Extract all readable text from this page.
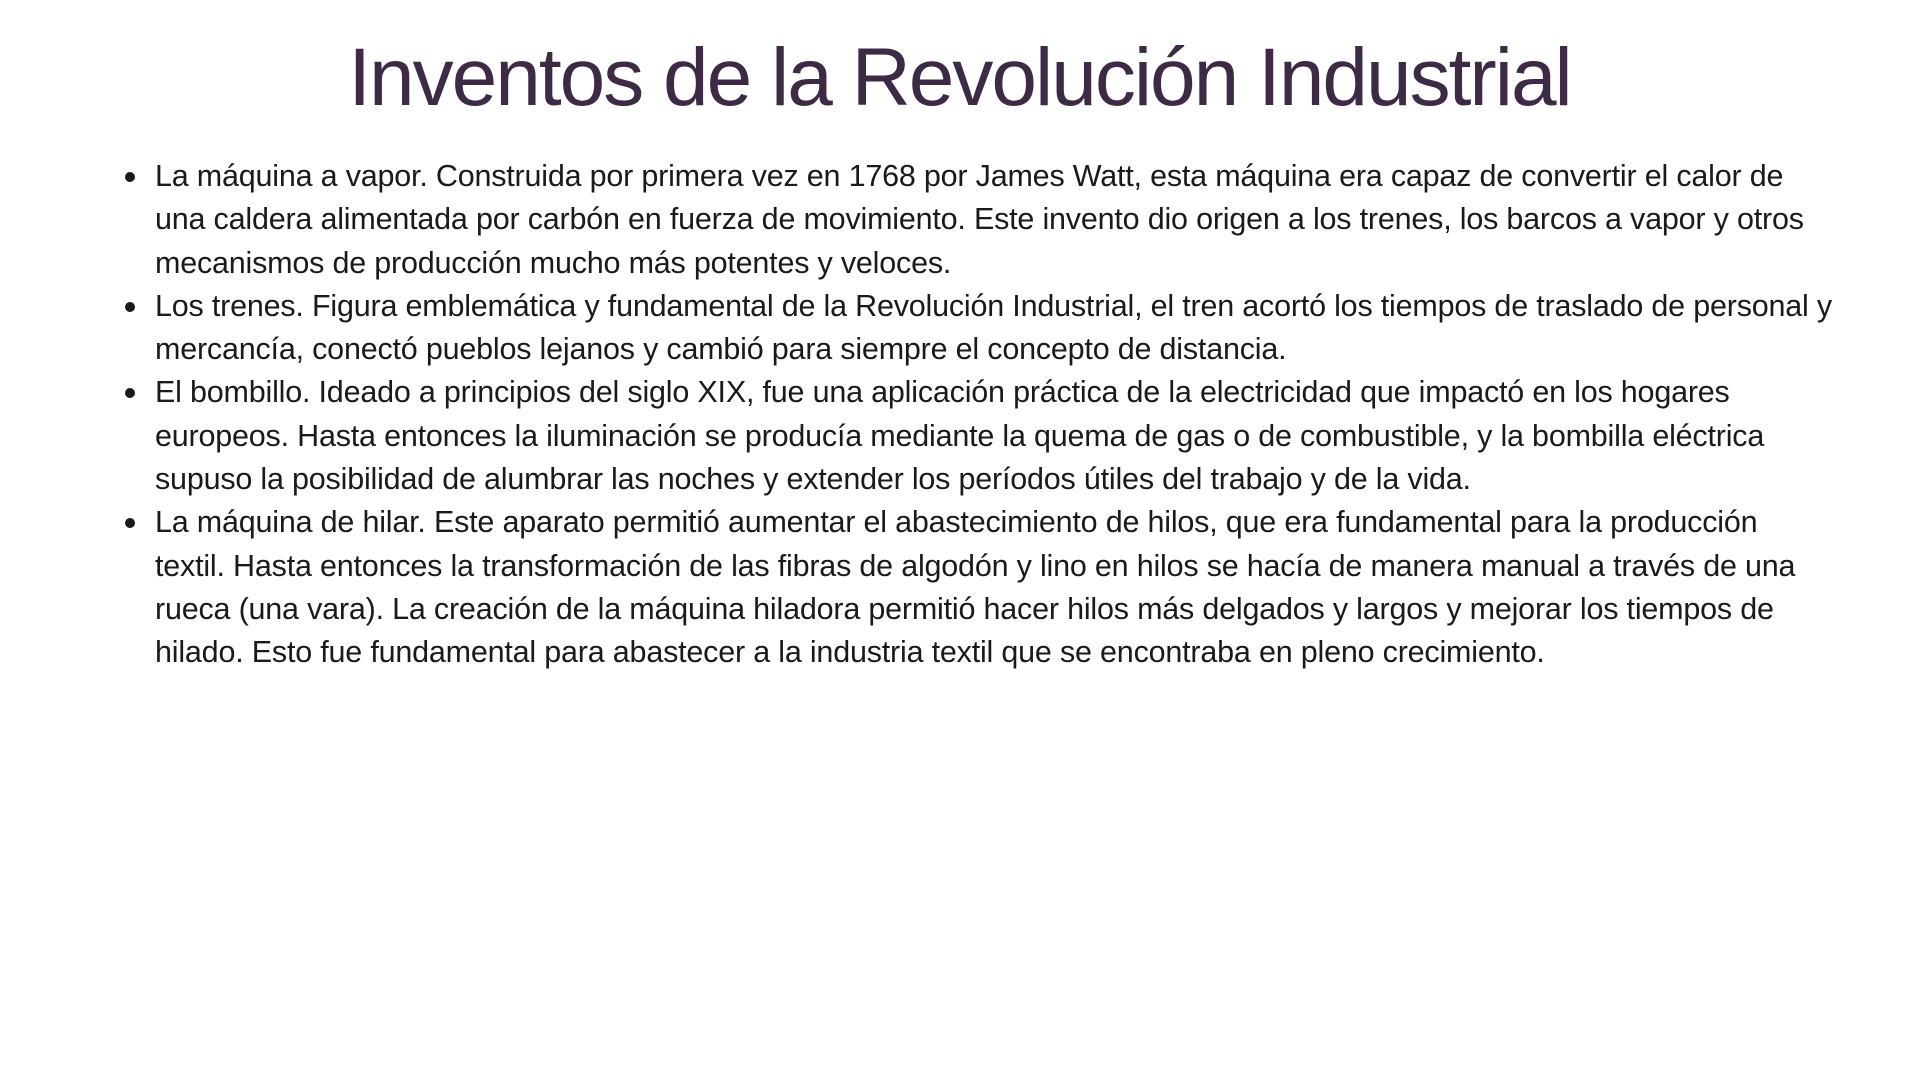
Inventos de la Revolución Industrial
La máquina a vapor. Construida por primera vez en 1768 por James Watt, esta máquina era capaz de convertir el calor de una caldera alimentada por carbón en fuerza de movimiento. Este invento dio origen a los trenes, los barcos a vapor y otros mecanismos de producción mucho más potentes y veloces.
Los trenes. Figura emblemática y fundamental de la Revolución Industrial, el tren acortó los tiempos de traslado de personal y mercancía, conectó pueblos lejanos y cambió para siempre el concepto de distancia.
El bombillo. Ideado a principios del siglo XIX, fue una aplicación práctica de la electricidad que impactó en los hogares europeos. Hasta entonces la iluminación se producía mediante la quema de gas o de combustible, y la bombilla eléctrica supuso la posibilidad de alumbrar las noches y extender los períodos útiles del trabajo y de la vida.
La máquina de hilar. Este aparato permitió aumentar el abastecimiento de hilos, que era fundamental para la producción textil. Hasta entonces la transformación de las fibras de algodón y lino en hilos se hacía de manera manual a través de una rueca (una vara). La creación de la máquina hiladora permitió hacer hilos más delgados y largos y mejorar los tiempos de hilado. Esto fue fundamental para abastecer a la industria textil que se encontraba en pleno crecimiento.
